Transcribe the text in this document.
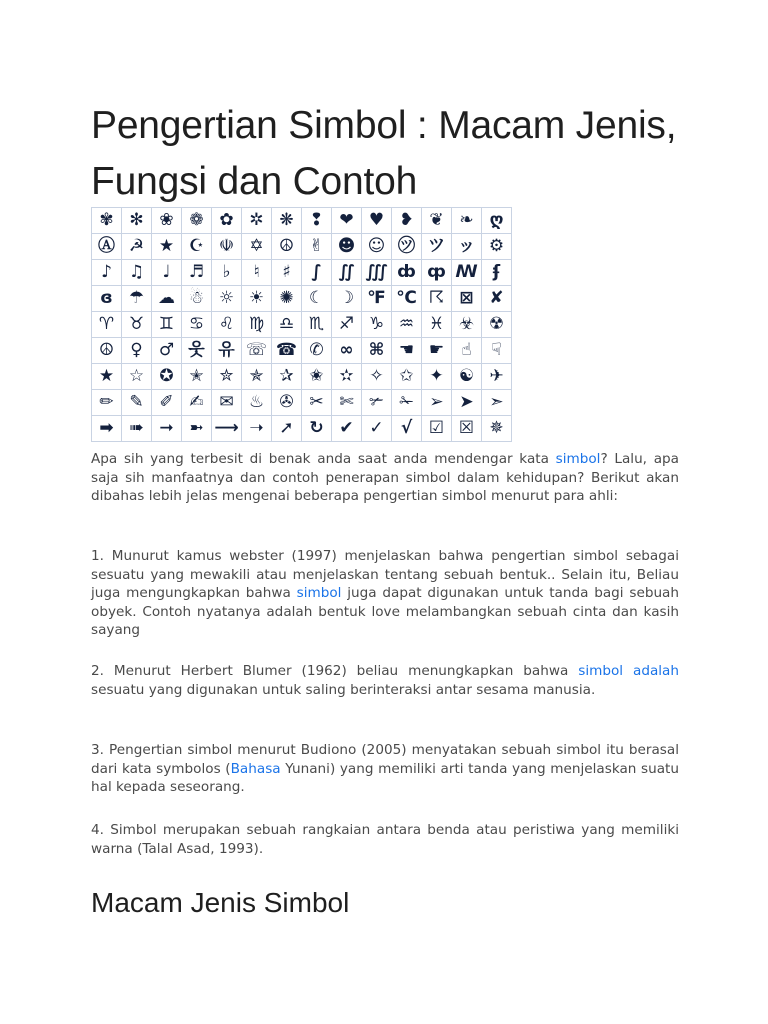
Pengertian Simbol : Macam Jenis, Fungsi dan Contoh
✾ ✻ ❀ ❁ ✿ ✲ ❋ ❢ ❤ ♥ ❥ ❦ ❧ ღ
Ⓐ ☭ ★ ☪ ☫ ✡ ☮ ✌ ☻ ☺ ㋡ ツ ッ ⚙
♪ ♫	♩	♬	♭	♮	♯	∫ ∬ ∭ ȸ ȹ ꟿ ʄ
ɞ ☂ ☁ ☃ ☼ ☀ ✺ ☾ ☽ ℉ ℃ ☈ ⊠ ✘
♈ ♉ ♊ ♋ ♌ ♍ ♎ ♏ ♐ ♑ ♒ ♓ ☣ ☢
☮ ♀ ♂ 웃 유 ☏ ☎ ✆ ∞ ⌘ ☚ ☛	☝	☟
★ ☆ ✪ ✭ ✮ ✯ ✰ ✬ ✫ ✧ ✩ ✦ ☯ ✈
✏ ✎ ✐ ✍ ✉ ♨ ✇ ✂ ✄ ✃ ✁ ➢ ➤ ➣
➡ ➠ ➞ ➼ ⟶ ➝ ➚ ↻ ✔ ✓	√ ☑ ☒ ✵

Apa sih yang terbesit di benak anda saat anda mendengar kata simbol? Lalu, apa saja sih manfaatnya dan contoh penerapan simbol dalam kehidupan? Berikut akan dibahas lebih jelas mengenai beberapa pengertian simbol menurut para ahli:

1. Munurut kamus webster (1997) menjelaskan bahwa pengertian simbol sebagai sesuatu yang mewakili atau menjelaskan tentang sebuah bentuk.. Selain itu, Beliau juga mengungkapkan bahwa simbol juga dapat digunakan untuk tanda bagi sebuah obyek. Contoh nyatanya adalah bentuk love melambangkan sebuah cinta dan kasih sayang

2. Menurut Herbert Blumer (1962) beliau menungkapkan bahwa simbol adalah sesuatu yang digunakan untuk saling berinteraksi antar sesama manusia.

3. Pengertian simbol menurut Budiono (2005) menyatakan sebuah simbol itu berasal dari kata symbolos (Bahasa Yunani) yang memiliki arti tanda yang menjelaskan suatu hal kepada seseorang.

4. Simbol merupakan sebuah rangkaian antara benda atau peristiwa yang memiliki warna (Talal Asad, 1993).

Macam Jenis Simbol
